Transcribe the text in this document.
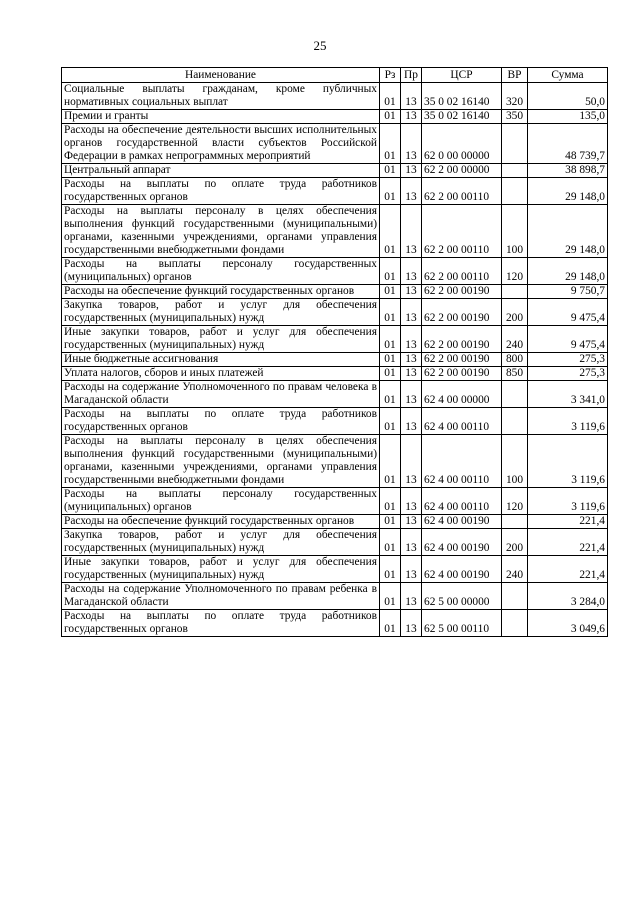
25
Наименование	Рз	Пр	ЦСР	ВР	Сумма
Социальные выплаты гражданам, кроме публичных нормативных социальных выплат	01	13	35 0 02 16140	320	50,0
Премии и гранты	01	13	35 0 02 16140	350	135,0
Расходы на обеспечение деятельности высших исполнительных органов государственной власти субъектов Российской Федерации в рамках непрограммных мероприятий	01	13	62 0 00 00000		48 739,7
Центральный аппарат	01	13	62 2 00 00000		38 898,7
Расходы на выплаты по оплате труда работников государственных органов	01	13	62 2 00 00110		29 148,0
Расходы на выплаты персоналу в целях обеспечения выполнения функций государственными (муниципальными) органами, казенными учреждениями, органами управления государственными внебюджетными фондами	01	13	62 2 00 00110	100	29 148,0
Расходы на выплаты персоналу государственных (муниципальных) органов	01	13	62 2 00 00110	120	29 148,0
Расходы на обеспечение функций государственных органов	01	13	62 2 00 00190		9 750,7
Закупка товаров, работ и услуг для обеспечения государственных (муниципальных) нужд	01	13	62 2 00 00190	200	9 475,4
Иные закупки товаров, работ и услуг для обеспечения государственных (муниципальных) нужд	01	13	62 2 00 00190	240	9 475,4
Иные бюджетные ассигнования	01	13	62 2 00 00190	800	275,3
Уплата налогов, сборов и иных платежей	01	13	62 2 00 00190	850	275,3
Расходы на содержание Уполномоченного по правам человека в Магаданской области	01	13	62 4 00 00000		3 341,0
Расходы на выплаты по оплате труда работников государственных органов	01	13	62 4 00 00110		3 119,6
Расходы на выплаты персоналу в целях обеспечения выполнения функций государственными (муниципальными) органами, казенными учреждениями, органами управления государственными внебюджетными фондами	01	13	62 4 00 00110	100	3 119,6
Расходы на выплаты персоналу государственных (муниципальных) органов	01	13	62 4 00 00110	120	3 119,6
Расходы на обеспечение функций государственных органов	01	13	62 4 00 00190		221,4
Закупка товаров, работ и услуг для обеспечения государственных (муниципальных) нужд	01	13	62 4 00 00190	200	221,4
Иные закупки товаров, работ и услуг для обеспечения государственных (муниципальных) нужд	01	13	62 4 00 00190	240	221,4
Расходы на содержание Уполномоченного по правам ребенка в Магаданской области	01	13	62 5 00 00000		3 284,0
Расходы на выплаты по оплате труда работников государственных органов	01	13	62 5 00 00110		3 049,6
